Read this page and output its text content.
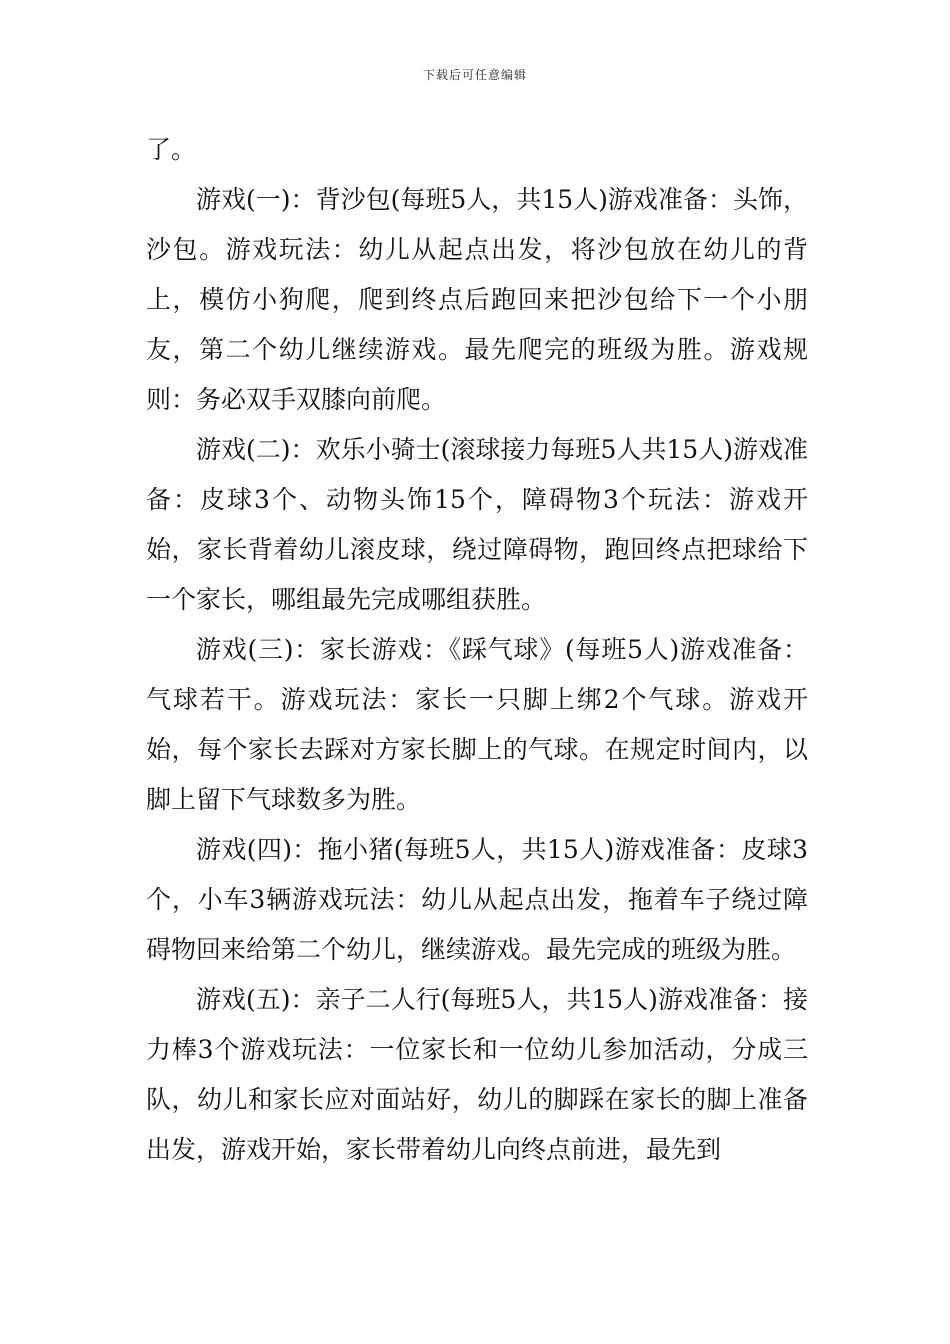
下载后可任意编辑

了。

游戏(一)：背沙包(每班5人，共15人)游戏准备：头饰，沙包。游戏玩法：幼儿从起点出发，将沙包放在幼儿的背上，模仿小狗爬，爬到终点后跑回来把沙包给下一个小朋友，第二个幼儿继续游戏。最先爬完的班级为胜。游戏规则：务必双手双膝向前爬。

游戏(二)：欢乐小骑士(滚球接力每班5人共15人)游戏准备：皮球3个、动物头饰15个，障碍物3个玩法：游戏开始，家长背着幼儿滚皮球，绕过障碍物，跑回终点把球给下一个家长，哪组最先完成哪组获胜。

游戏(三)：家长游戏：《踩气球》(每班5人)游戏准备：气球若干。游戏玩法：家长一只脚上绑2个气球。游戏开始，每个家长去踩对方家长脚上的气球。在规定时间内，以脚上留下气球数多为胜。

游戏(四)：拖小猪(每班5人，共15人)游戏准备：皮球3个，小车3辆游戏玩法：幼儿从起点出发，拖着车子绕过障碍物回来给第二个幼儿，继续游戏。最先完成的班级为胜。

游戏(五)：亲子二人行(每班5人，共15人)游戏准备：接力棒3个游戏玩法：一位家长和一位幼儿参加活动，分成三队，幼儿和家长应对面站好，幼儿的脚踩在家长的脚上准备出发，游戏开始，家长带着幼儿向终点前进，最先到
